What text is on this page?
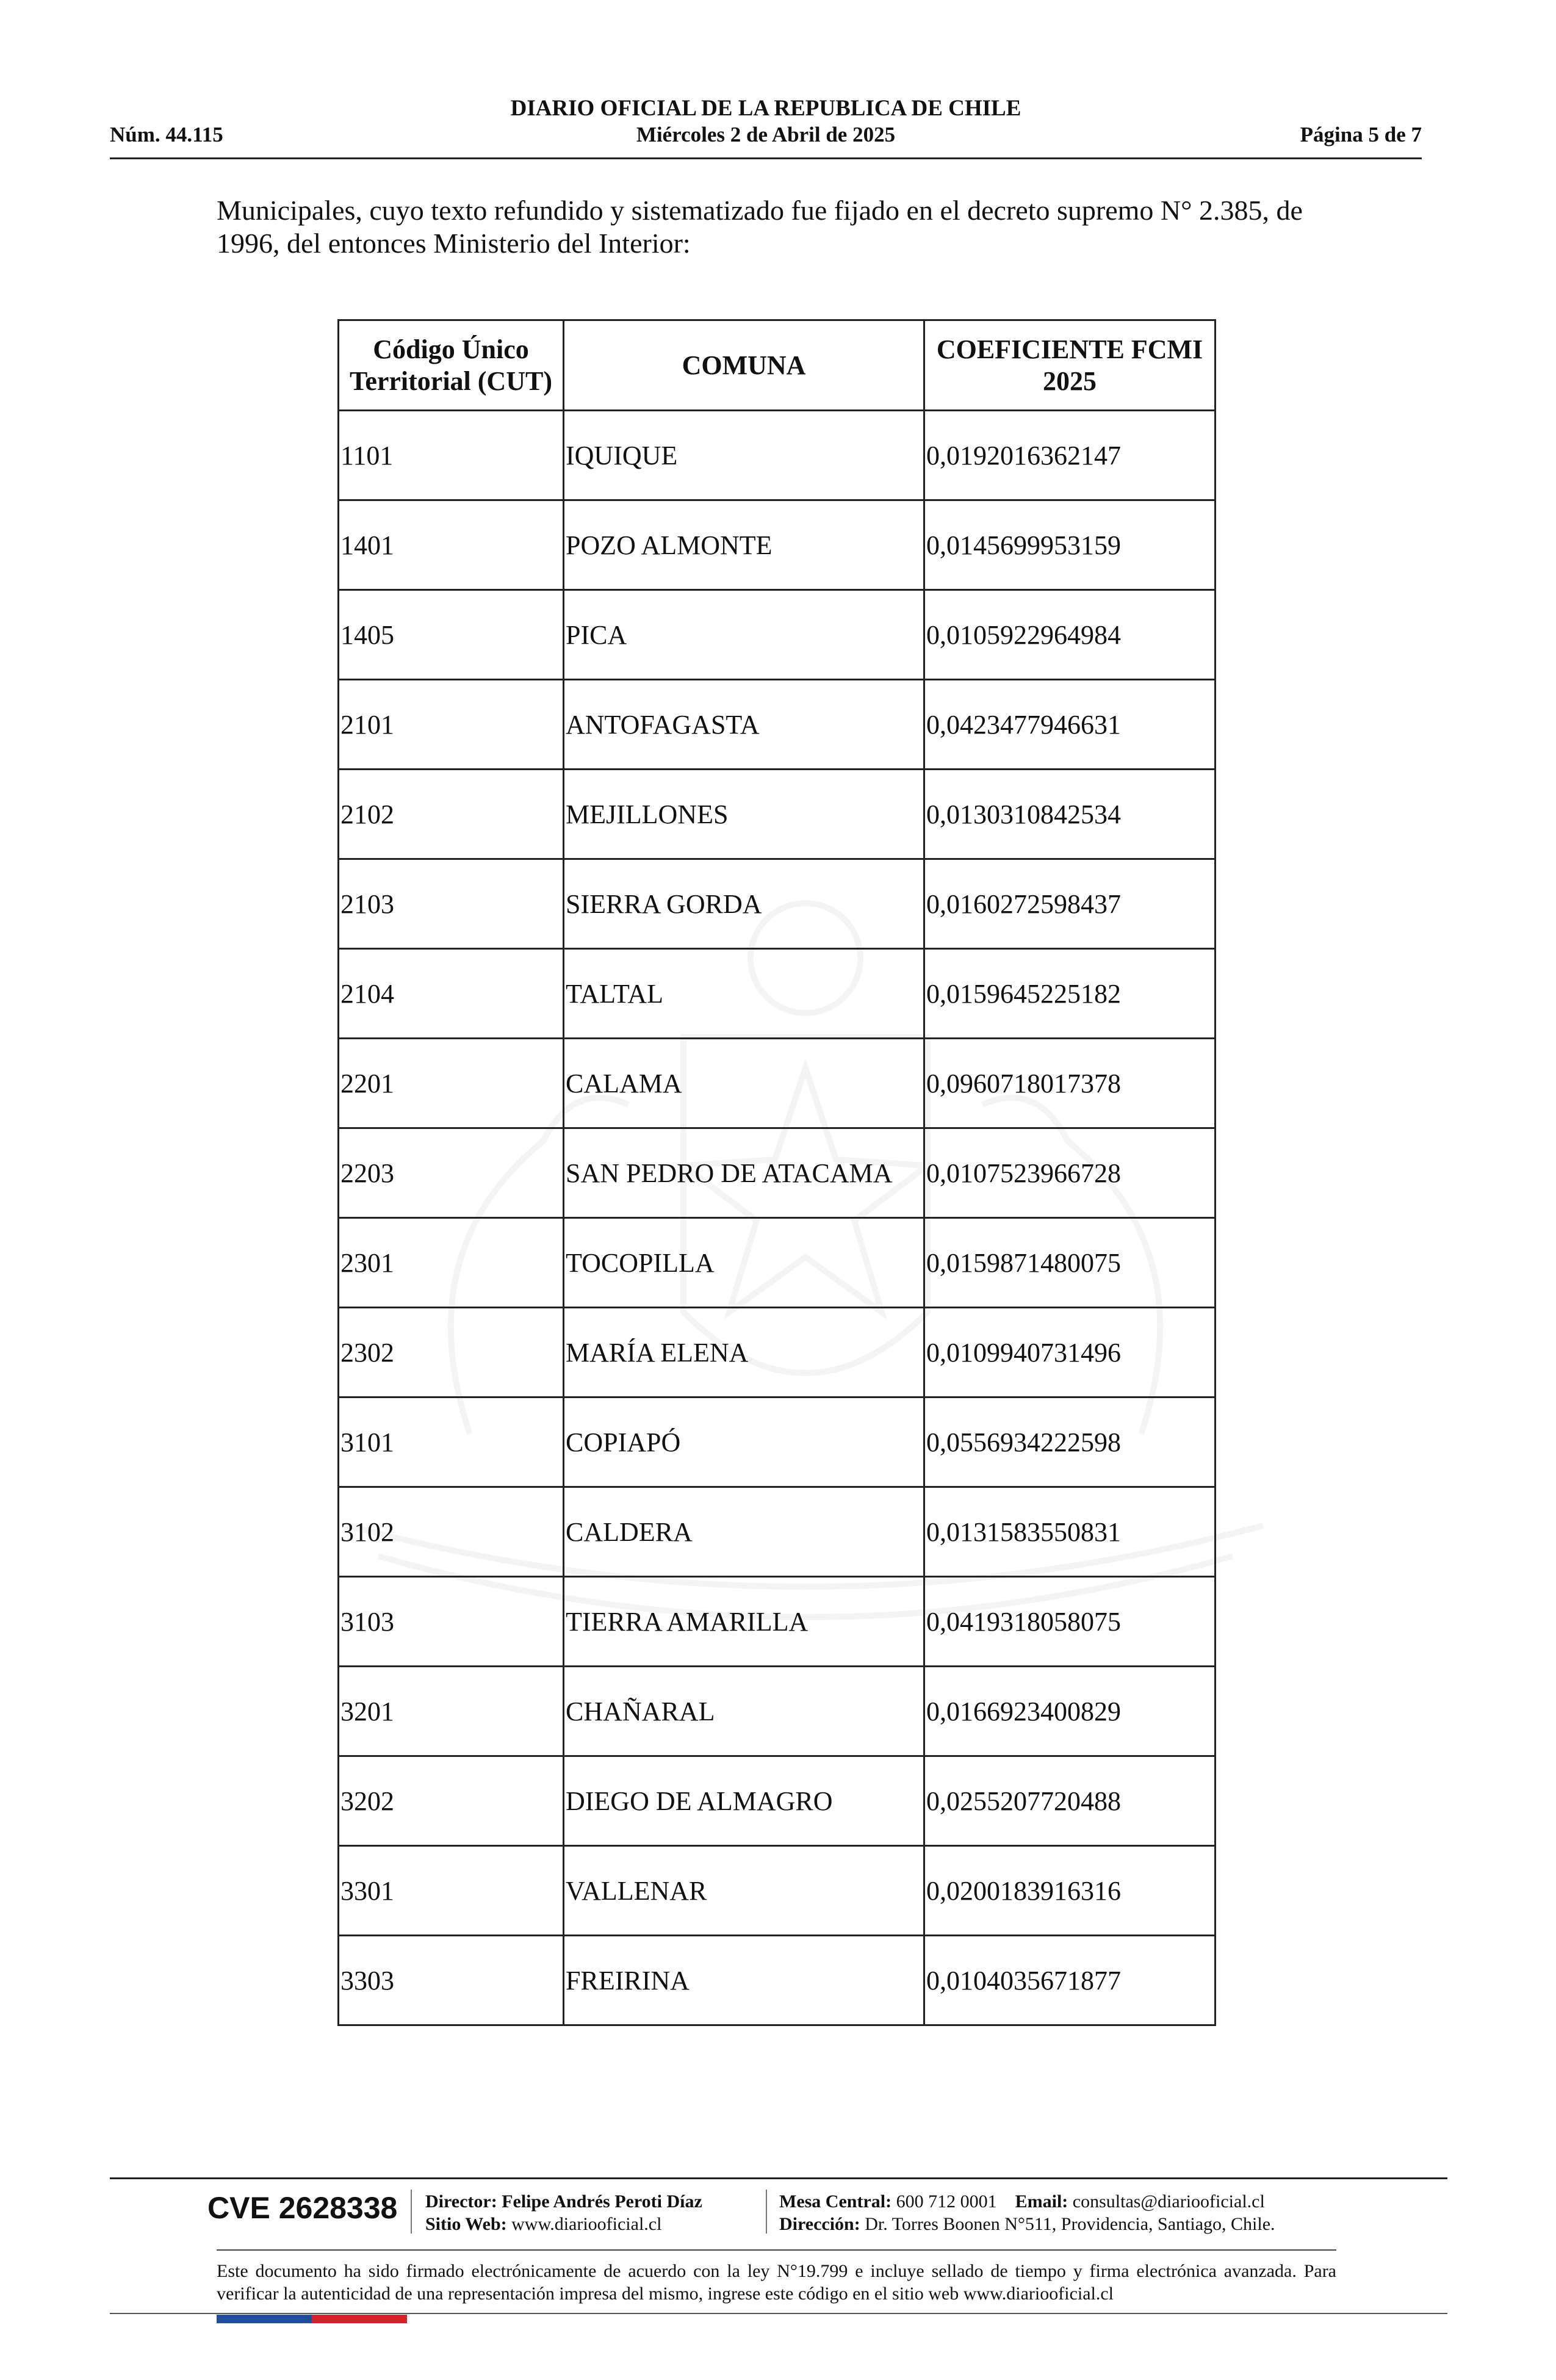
DIARIO OFICIAL DE LA REPUBLICA DE CHILE
Miércoles 2 de Abril de 2025
Núm. 44.115	Página 5 de 7
Municipales, cuyo texto refundido y sistematizado fue fijado en el decreto supremo N° 2.385, de 1996, del entonces Ministerio del Interior:
Código Único Territorial (CUT)	COMUNA	COEFICIENTE FCMI 2025
1101	IQUIQUE	0,0192016362147
1401	POZO ALMONTE	0,0145699953159
1405	PICA	0,0105922964984
2101	ANTOFAGASTA	0,0423477946631
2102	MEJILLONES	0,0130310842534
2103	SIERRA GORDA	0,0160272598437
2104	TALTAL	0,0159645225182
2201	CALAMA	0,0960718017378
2203	SAN PEDRO DE ATACAMA	0,0107523966728
2301	TOCOPILLA	0,0159871480075
2302	MARÍA ELENA	0,0109940731496
3101	COPIAPÓ	0,0556934222598
3102	CALDERA	0,0131583550831
3103	TIERRA AMARILLA	0,0419318058075
3201	CHAÑARAL	0,0166923400829
3202	DIEGO DE ALMAGRO	0,0255207720488
3301	VALLENAR	0,0200183916316
3303	FREIRINA	0,0104035671877
CVE 2628338 Director: Felipe Andrés Peroti Díaz
Sitio Web: www.diariooficial.cl
Mesa Central: 600 712 0001 Email: consultas@diariooficial.cl
Dirección: Dr. Torres Boonen N°511, Providencia, Santiago, Chile.
Este documento ha sido firmado electrónicamente de acuerdo con la ley N°19.799 e incluye sellado de tiempo y firma electrónica avanzada. Para verificar la autenticidad de una representación impresa del mismo, ingrese este código en el sitio web www.diariooficial.cl
